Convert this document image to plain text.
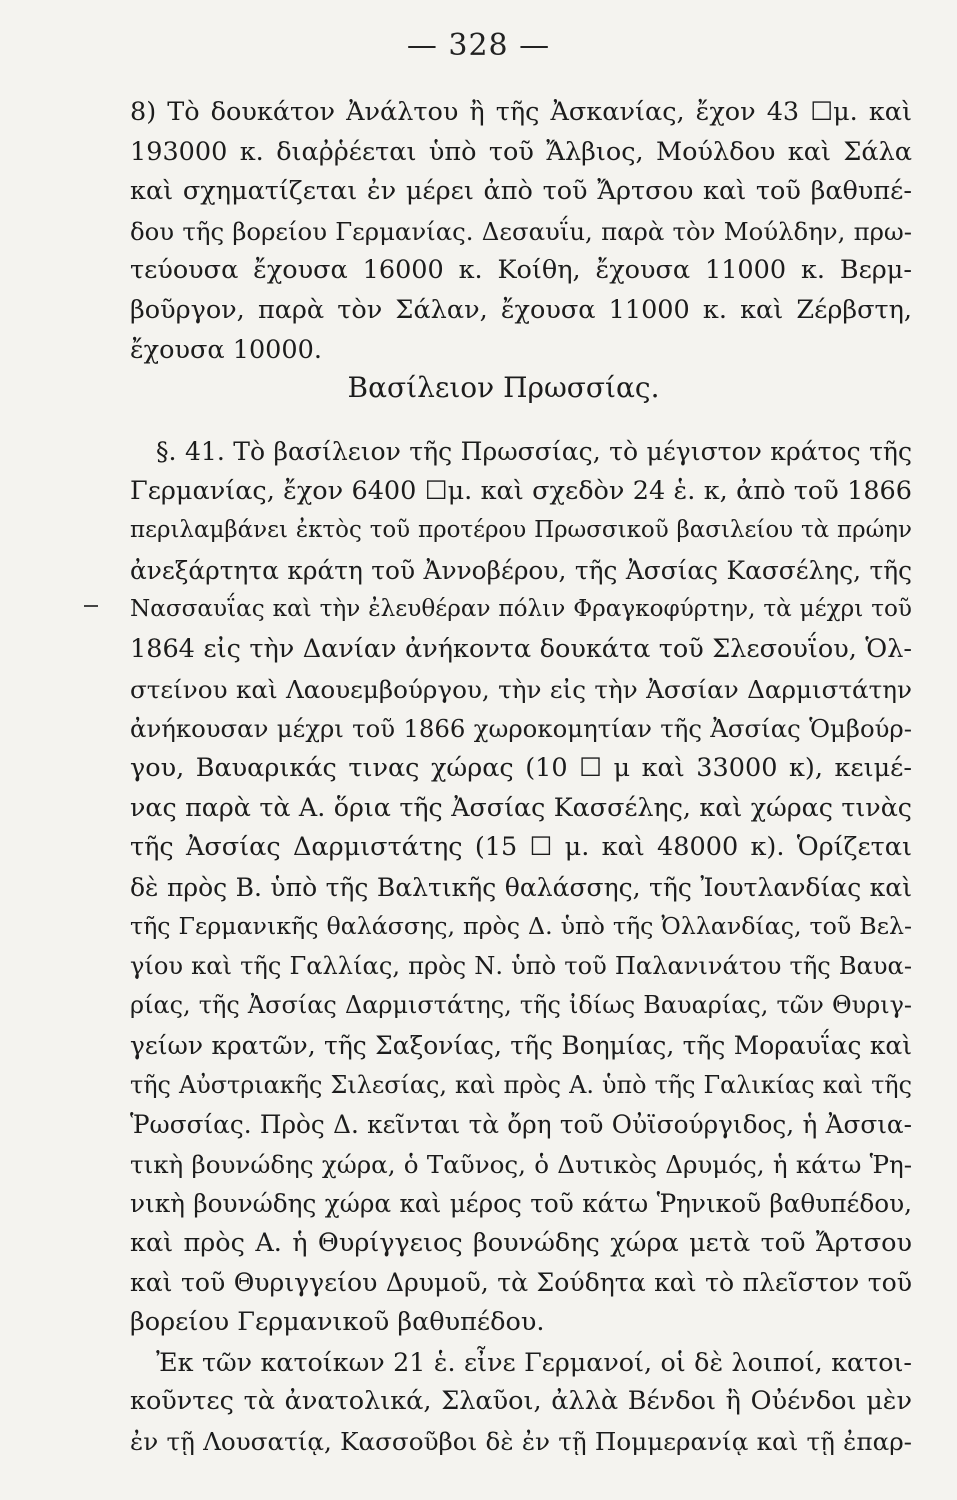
— 328 —
8) Τὸ δουκάτον Ἀνάλτου ἢ τῆς Ἀσκανίας, ἔχον 43 ☐μ. καὶ
193000 κ. διαῤῥέεται ὑπὸ τοῦ Ἄλβιος, Μούλδου καὶ Σάλα
καὶ σχηματίζεται ἐν μέρει ἀπὸ τοῦ Ἄρτσου καὶ τοῦ βαθυπέ-
δου τῆς βορείου Γερμανίας. Δεσαυΐu, παρὰ τὸν Μούλδην, πρω-
τεύουσα ἔχουσα 16000 κ. Κοίθη, ἔχουσα 11000 κ. Βερμ-
βοῦργον, παρὰ τὸν Σάλαν, ἔχουσα 11000 κ. καὶ Ζέρβστη,
ἔχουσα 10000.
Βασίλειον Πρωσσίας.
§. 41. Τὸ βασίλειον τῆς Πρωσσίας, τὸ μέγιστον κράτος τῆς
Γερμανίας, ἔχον 6400 ☐μ. καὶ σχεδὸν 24 ἑ. κ, ἀπὸ τοῦ 1866
περιλαμβάνει ἐκτὸς τοῦ προτέρου Πρωσσικοῦ βασιλείου τὰ πρώην
ἀνεξάρτητα κράτη τοῦ Ἀννοβέρου, τῆς Ἀσσίας Κασσέλης, τῆς
Νασσαυΐας καὶ τὴν ἐλευθέραν πόλιν Φραγκοφύρτην, τὰ μέχρι τοῦ
1864 εἰς τὴν Δανίαν ἀνήκοντα δουκάτα τοῦ Σλεσουΐου, Ὁλ-
στείνου καὶ Λαουεμβούργου, τὴν εἰς τὴν Ἀσσίαν Δαρμιστάτην
ἀνήκουσαν μέχρι τοῦ 1866 χωροκομητίαν τῆς Ἀσσίας Ὁμβούρ-
γου, Βαυαρικάς τινας χώρας (10 ☐ μ καὶ 33000 κ), κειμέ-
νας παρὰ τὰ Α. ὅρια τῆς Ἀσσίας Κασσέλης, καὶ χώρας τινὰς
τῆς Ἀσσίας Δαρμιστάτης (15 ☐ μ. καὶ 48000 κ). Ὁρίζεται
δὲ πρὸς Β. ὑπὸ τῆς Βαλτικῆς θαλάσσης, τῆς Ἰουτλανδίας καὶ
τῆς Γερμανικῆς θαλάσσης, πρὸς Δ. ὑπὸ τῆς Ὀλλανδίας, τοῦ Βελ-
γίου καὶ τῆς Γαλλίας, πρὸς Ν. ὑπὸ τοῦ Παλανινάτου τῆς Βαυα-
ρίας, τῆς Ἀσσίας Δαρμιστάτης, τῆς ἰδίως Βαυαρίας, τῶν Θυριγ-
γείων κρατῶν, τῆς Σαξονίας, τῆς Βοημίας, τῆς Μοραυΐας καὶ
τῆς Αὐστριακῆς Σιλεσίας, καὶ πρὸς Α. ὑπὸ τῆς Γαλικίας καὶ τῆς
Ῥωσσίας. Πρὸς Δ. κεῖνται τὰ ὄρη τοῦ Οὐϊσούργιδος, ἡ Ἀσσια-
τικὴ βουνώδης χώρα, ὁ Ταῦνος, ὁ Δυτικὸς Δρυμός, ἡ κάτω Ῥη-
νικὴ βουνώδης χώρα καὶ μέρος τοῦ κάτω Ῥηνικοῦ βαθυπέδου,
καὶ πρὸς Α. ἡ Θυρίγγειος βουνώδης χώρα μετὰ τοῦ Ἄρτσου
καὶ τοῦ Θυριγγείου Δρυμοῦ, τὰ Σούδητα καὶ τὸ πλεῖστον τοῦ
βορείου Γερμανικοῦ βαθυπέδου.
Ἐκ τῶν κατοίκων 21 ἑ. εἶνε Γερμανοί, οἱ δὲ λοιποί, κατοι-
κοῦντες τὰ ἀνατολικά, Σλαῦοι, ἀλλὰ Βένδοι ἢ Οὐένδοι μὲν
ἐν τῇ Λουσατίᾳ, Κασσοῦβοι δὲ ἐν τῇ Πομμερανίᾳ καὶ τῇ ἐπαρ-
